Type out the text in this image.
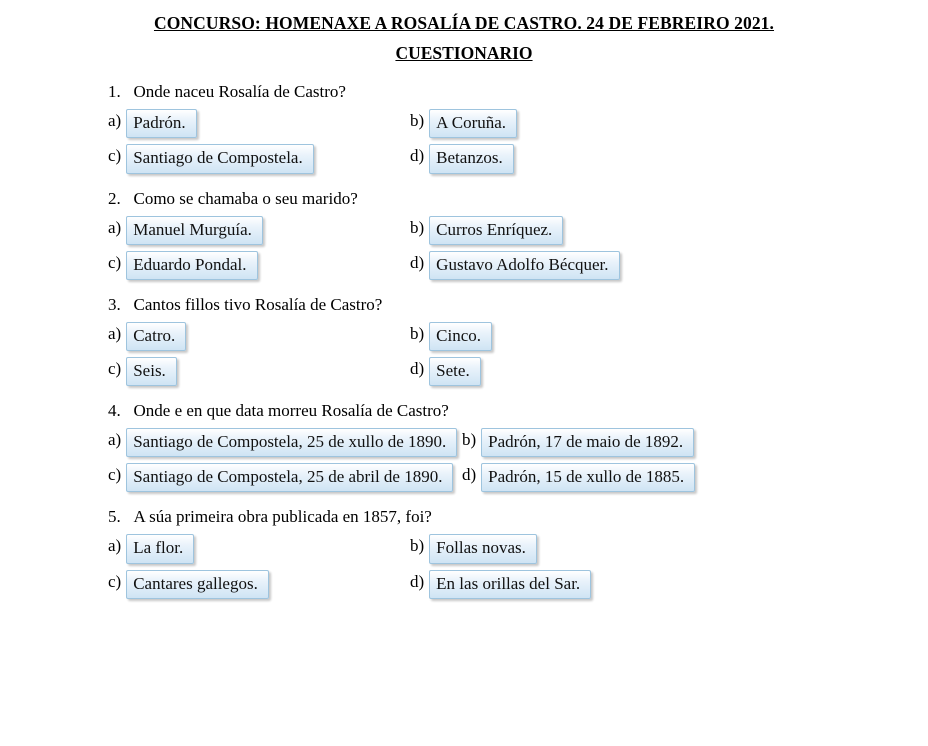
CONCURSO: HOMENAXE A ROSALÍA DE CASTRO. 24 DE FEBREIRO 2021.
CUESTIONARIO
1. Onde naceu Rosalía de Castro?
a) Padrón.	b) A Coruña.
c) Santiago de Compostela.	d) Betanzos.
2. Como se chamaba o seu marido?
a) Manuel Murguía.	b) Curros Enríquez.
c) Eduardo Pondal.	d) Gustavo Adolfo Bécquer.
3. Cantos fillos tivo Rosalía de Castro?
a) Catro.	b) Cinco.
c) Seis.	d) Sete.
4. Onde e en que data morreu Rosalía de Castro?
a) Santiago de Compostela, 25 de xullo de 1890. b) Padrón, 17 de maio de 1892.
c) Santiago de Compostela, 25 de abril de 1890.	d) Padrón, 15 de xullo de 1885.
5. A súa primeira obra publicada en 1857, foi?
a) La flor.	b) Follas novas.
c) Cantares gallegos.	d) En las orillas del Sar.
